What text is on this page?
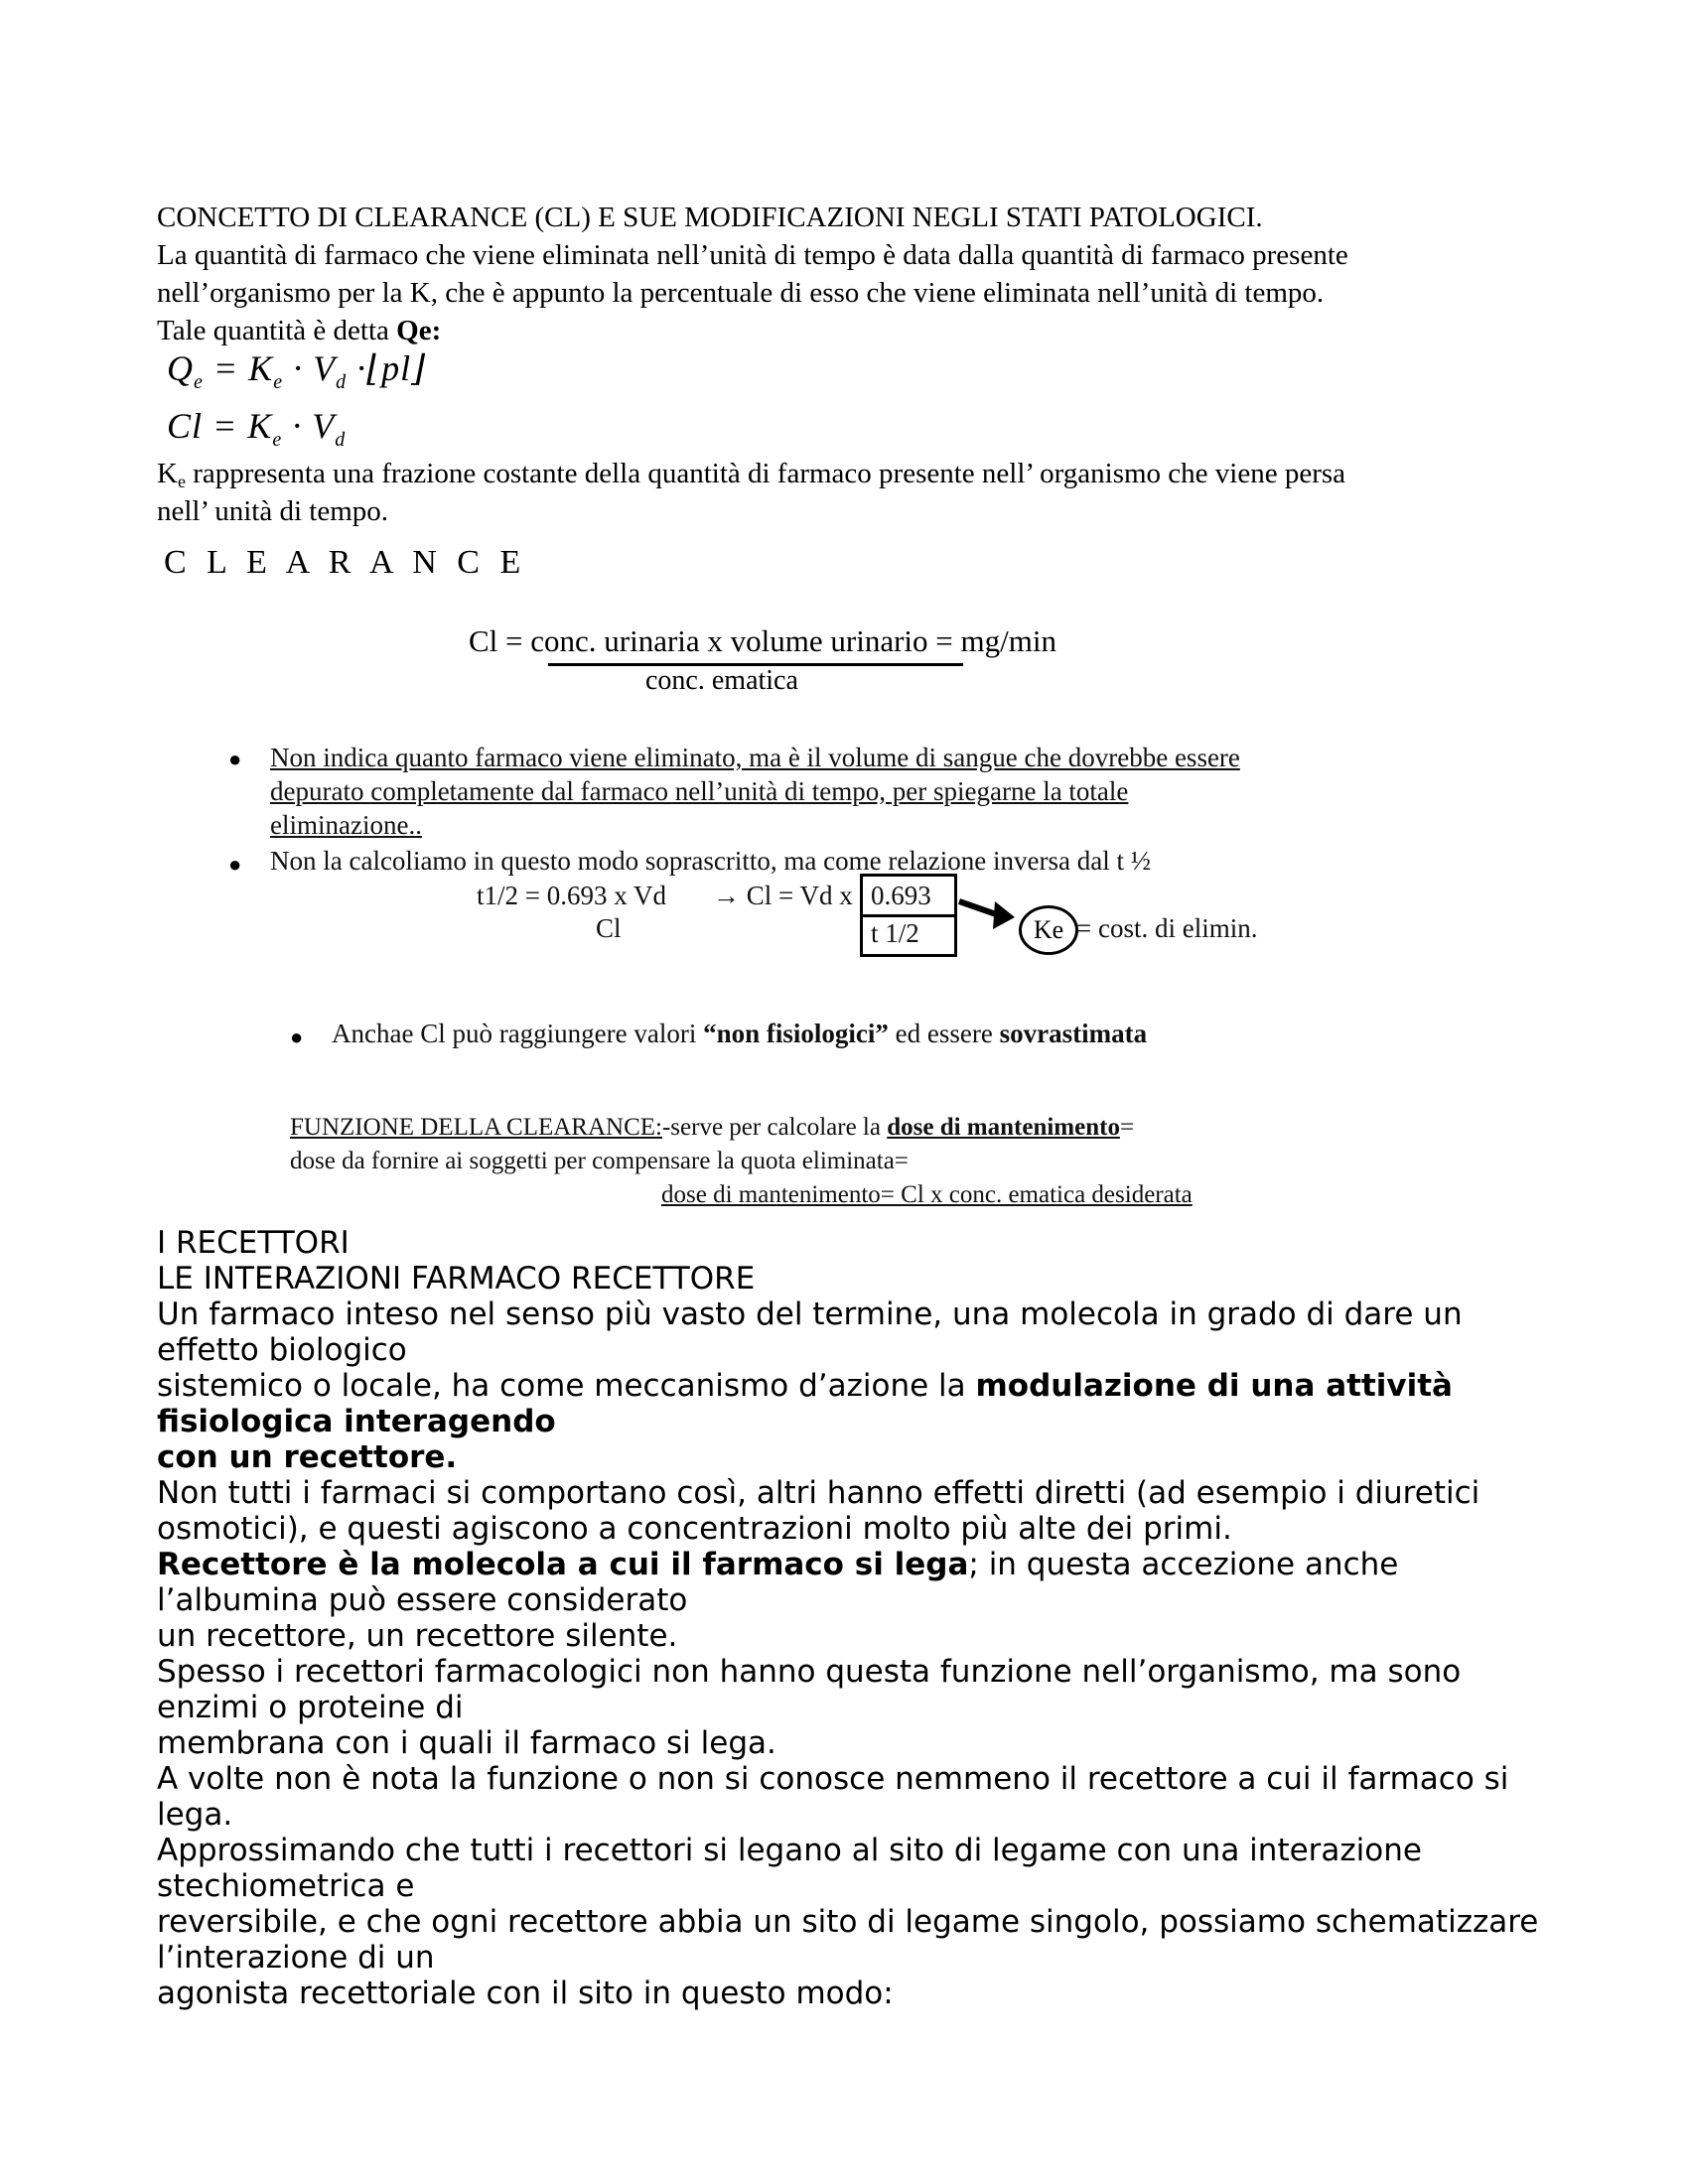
CONCETTO DI CLEARANCE (CL) E SUE MODIFICAZIONI NEGLI STATI PATOLOGICI.
La quantità di farmaco che viene eliminata nell’unità di tempo è data dalla quantità di farmaco presente
nell’organismo per la K, che è appunto la percentuale di esso che viene eliminata nell’unità di tempo.
Tale quantità è detta Qe:
$Q_e = K_e \cdot V_d$ ·⌊pl⌋
$Cl = K_e \cdot V_d$
Ke rappresenta una frazione costante della quantità di farmaco presente nell’ organismo che viene persa
nell’ unità di tempo.
C L E A R A N C E
Cl = conc. urinaria x volume urinario = mg/min
conc. ematica
● Non indica quanto farmaco viene eliminato, ma è il volume di sangue che dovrebbe essere
depurato completamente dal farmaco nell’unità di tempo, per spiegarne la totale
eliminazione..
● Non la calcoliamo in questo modo soprascritto, ma come relazione inversa dal t ½
t1/2 = 0.693 x Vd
Cl
→ Cl = Vd x 0.693
t 1/2	Ke = cost. di elimin.
● Anchae Cl può raggiungere valori “non fisiologici” ed essere sovrastimata
FUNZIONE DELLA CLEARANCE:-serve per calcolare la dose di mantenimento=
dose da fornire ai soggetti per compensare la quota eliminata=
dose di mantenimento= Cl x conc. ematica desiderata
I RECETTORI
LE INTERAZIONI FARMACO RECETTORE
Un farmaco inteso nel senso più vasto del termine, una molecola in grado di dare un
effetto biologico
sistemico o locale, ha come meccanismo d’azione la modulazione di una attività
fisiologica interagendo
con un recettore.
Non tutti i farmaci si comportano così, altri hanno effetti diretti (ad esempio i diuretici
osmotici), e questi agiscono a concentrazioni molto più alte dei primi.
Recettore è la molecola a cui il farmaco si lega; in questa accezione anche
l’albumina può essere considerato
un recettore, un recettore silente.
Spesso i recettori farmacologici non hanno questa funzione nell’organismo, ma sono
enzimi o proteine di
membrana con i quali il farmaco si lega.
A volte non è nota la funzione o non si conosce nemmeno il recettore a cui il farmaco si
lega.
Approssimando che tutti i recettori si legano al sito di legame con una interazione
stechiometrica e
reversibile, e che ogni recettore abbia un sito di legame singolo, possiamo schematizzare
l’interazione di un
agonista recettoriale con il sito in questo modo:
